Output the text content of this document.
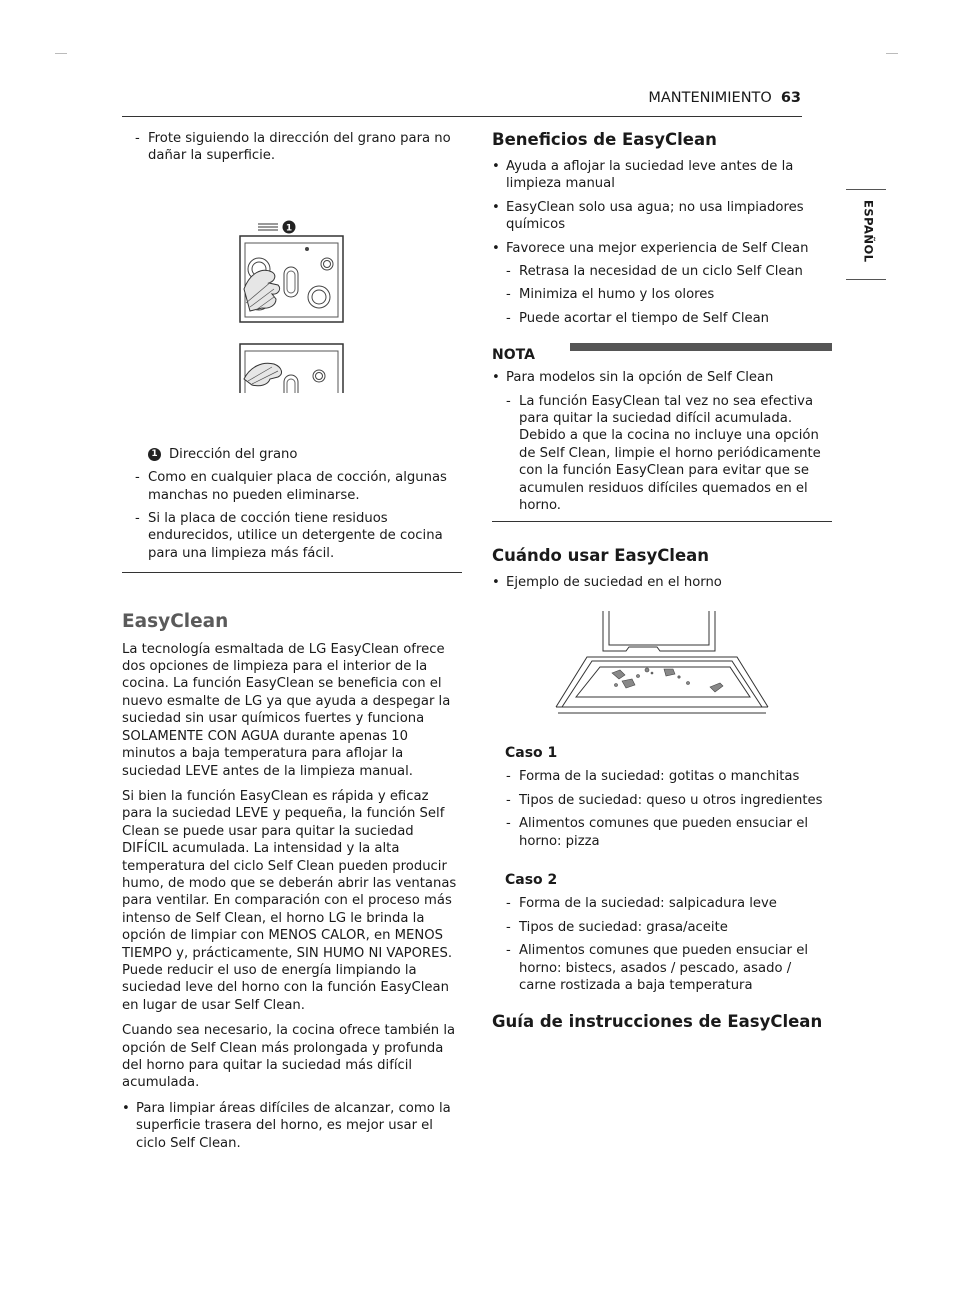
MANTENIMIENTO 63
ESPAÑOL
- Frote siguiendo la dirección del grano para no dañar la superficie.
1
1 Dirección del grano
- Como en cualquier placa de cocción, algunas manchas no pueden eliminarse.
- Si la placa de cocción tiene residuos endurecidos, utilice un detergente de cocina para una limpieza más fácil.
EasyClean

La tecnología esmaltada de LG EasyClean ofrece dos opciones de limpieza para el interior de la cocina. La función EasyClean se beneficia con el nuevo esmalte de LG ya que ayuda a despegar la suciedad sin usar químicos fuertes y funciona SOLAMENTE CON AGUA durante apenas 10 minutos a baja temperatura para aflojar la suciedad LEVE antes de la limpieza manual.

Si bien la función EasyClean es rápida y eficaz para la suciedad LEVE y pequeña, la función Self Clean se puede usar para quitar la suciedad DIFÍCIL acumulada. La intensidad y la alta temperatura del ciclo Self Clean pueden producir humo, de modo que se deberán abrir las ventanas para ventilar. En comparación con el proceso más intenso de Self Clean, el horno LG le brinda la opción de limpiar con MENOS CALOR, en MENOS TIEMPO y, prácticamente, SIN HUMO NI VAPORES. Puede reducir el uso de energía limpiando la suciedad leve del horno con la función EasyClean en lugar de usar Self Clean.

Cuando sea necesario, la cocina ofrece también la opción de Self Clean más prolongada y profunda del horno para quitar la suciedad más difícil acumulada.

• Para limpiar áreas difíciles de alcanzar, como la superficie trasera del horno, es mejor usar el ciclo Self Clean.
Beneficios de EasyClean
• Ayuda a aflojar la suciedad leve antes de la limpieza manual
• EasyClean solo usa agua; no usa limpiadores químicos
• Favorece una mejor experiencia de Self Clean
- Retrasa la necesidad de un ciclo Self Clean
- Minimiza el humo y los olores
- Puede acortar el tiempo de Self Clean
NOTA
• Para modelos sin la opción de Self Clean
- La función EasyClean tal vez no sea efectiva para quitar la suciedad difícil acumulada. Debido a que la cocina no incluye una opción de Self Clean, limpie el horno periódicamente con la función EasyClean para evitar que se acumulen residuos difíciles quemados en el horno.
Cuándo usar EasyClean
• Ejemplo de suciedad en el horno
Caso 1
- Forma de la suciedad: gotitas o manchitas
- Tipos de suciedad: queso u otros ingredientes
- Alimentos comunes que pueden ensuciar el horno: pizza
Caso 2
- Forma de la suciedad: salpicadura leve
- Tipos de suciedad: grasa/aceite
- Alimentos comunes que pueden ensuciar el horno: bistecs, asados / pescado, asado / carne rostizada a baja temperatura
Guía de instrucciones de EasyClean
